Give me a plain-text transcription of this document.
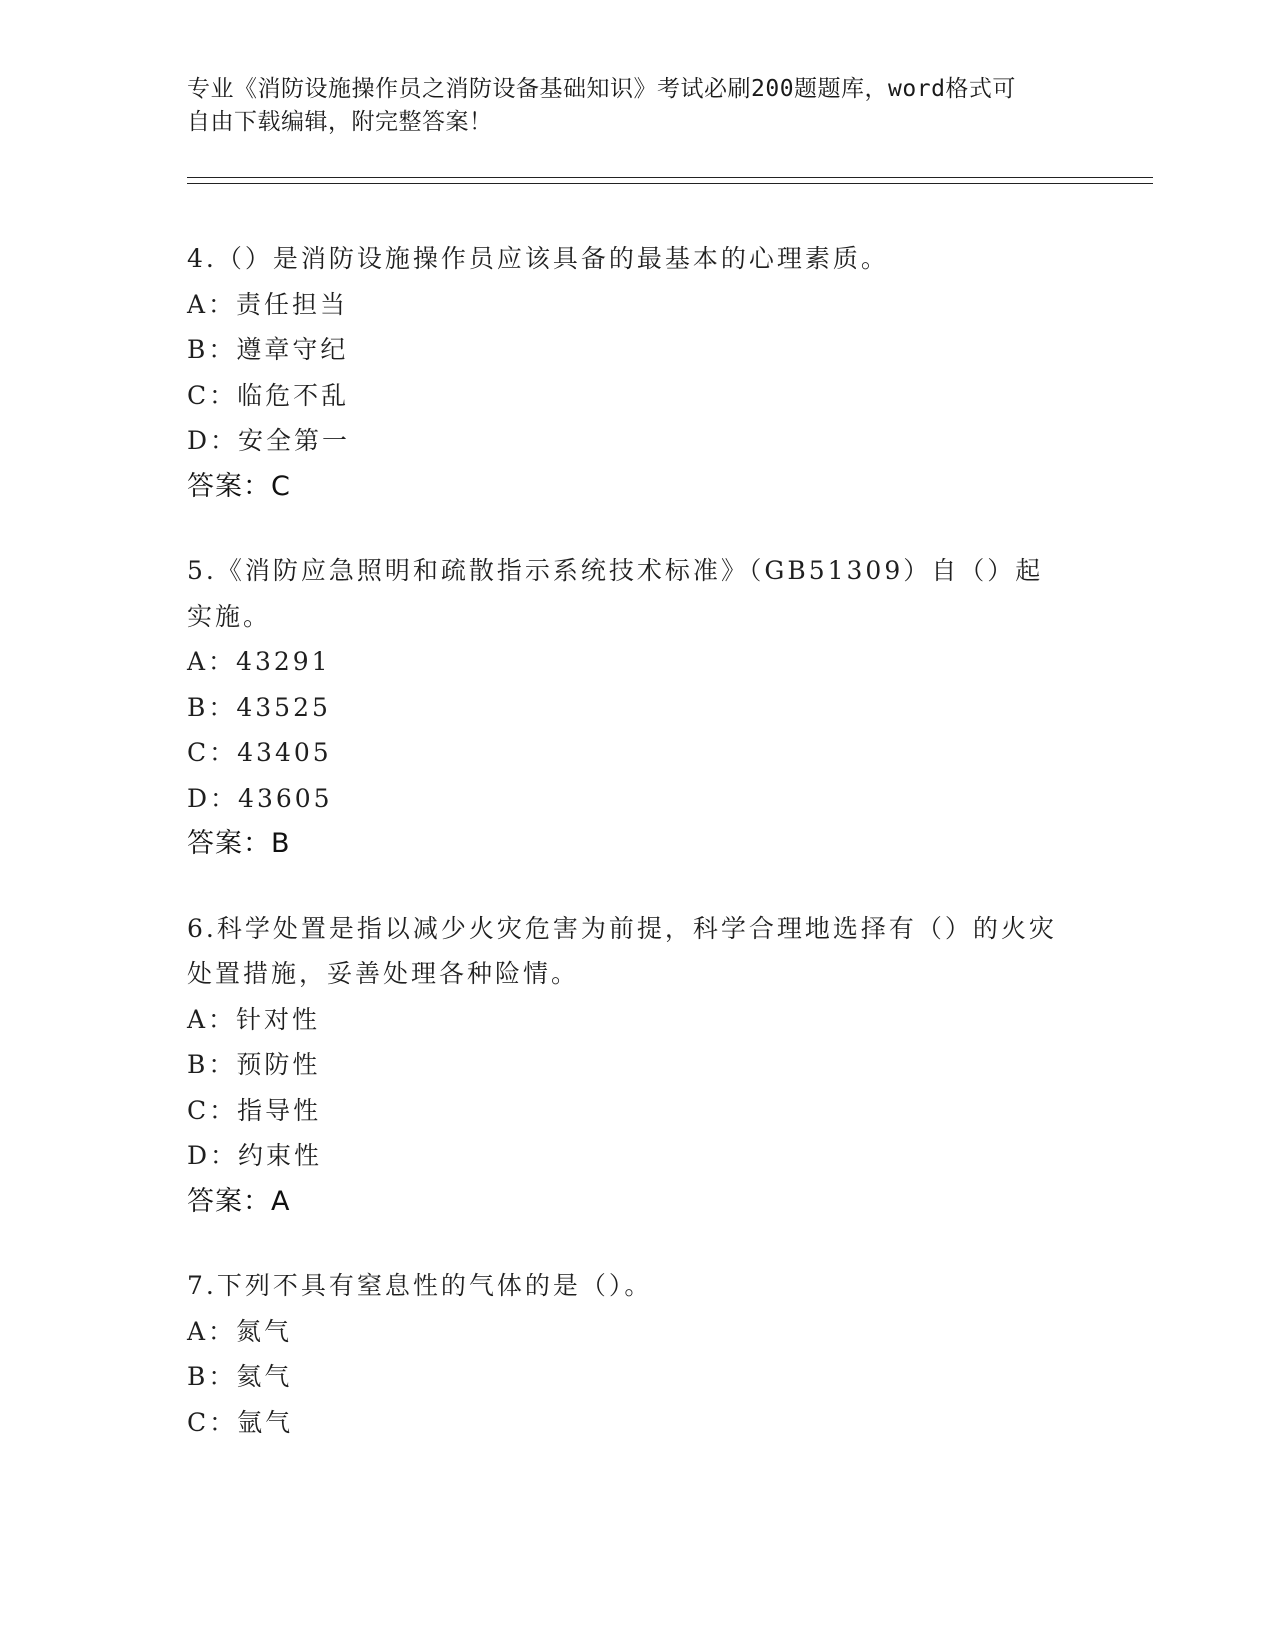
专业《消防设施操作员之消防设备基础知识》考试必刷200题题库，word格式可
自由下载编辑，附完整答案！

4.（）是消防设施操作员应该具备的最基本的心理素质。

A：责任担当

B：遵章守纪

C：临危不乱

D：安全第一

答案：C

5.《消防应急照明和疏散指示系统技术标准》（GB51309）自（）起实施。

A：43291

B：43525

C：43405

D：43605

答案：B

6.科学处置是指以减少火灾危害为前提，科学合理地选择有（）的火灾处置措施，妥善处理各种险情。

A：针对性

B：预防性

C：指导性

D：约束性

答案：A

7.下列不具有窒息性的气体的是（）。

A：氮气

B：氦气

C：氩气
